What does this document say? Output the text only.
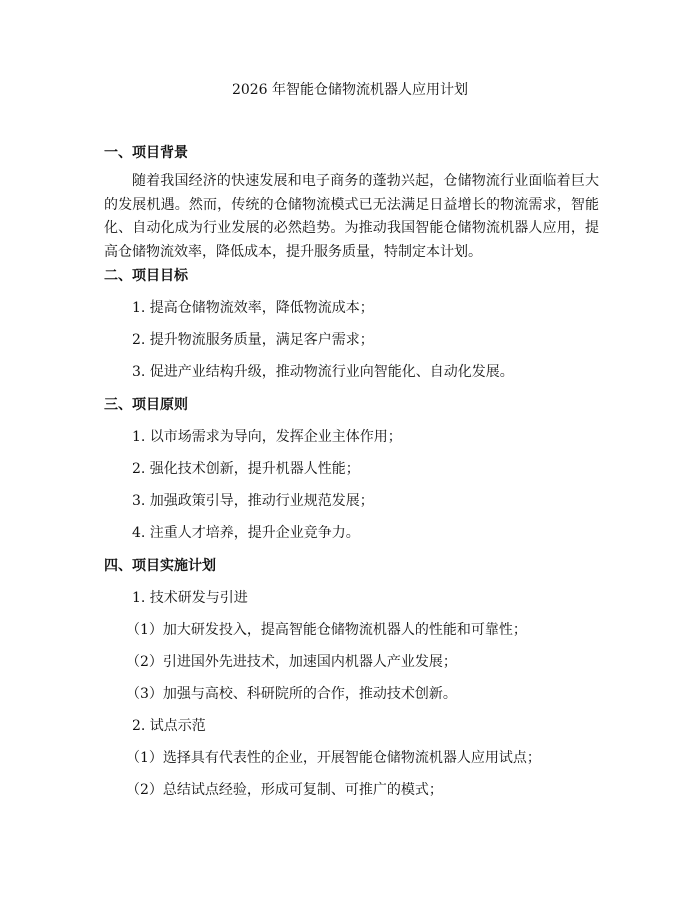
2026 年智能仓储物流机器人应用计划
一、项目背景

随着我国经济的快速发展和电子商务的蓬勃兴起，仓储物流行业面临着巨大的发展机遇。然而，传统的仓储物流模式已无法满足日益增长的物流需求，智能化、自动化成为行业发展的必然趋势。为推动我国智能仓储物流机器人应用，提高仓储物流效率，降低成本，提升服务质量，特制定本计划。

二、项目目标
1. 提高仓储物流效率，降低物流成本；
2. 提升物流服务质量，满足客户需求；
3. 促进产业结构升级，推动物流行业向智能化、自动化发展。
三、项目原则
1. 以市场需求为导向，发挥企业主体作用；
2. 强化技术创新，提升机器人性能；
3. 加强政策引导，推动行业规范发展；
4. 注重人才培养，提升企业竞争力。
四、项目实施计划
1. 技术研发与引进
（1）加大研发投入，提高智能仓储物流机器人的性能和可靠性；
（2）引进国外先进技术，加速国内机器人产业发展；
（3）加强与高校、科研院所的合作，推动技术创新。
2. 试点示范
（1）选择具有代表性的企业，开展智能仓储物流机器人应用试点；
（2）总结试点经验，形成可复制、可推广的模式；
